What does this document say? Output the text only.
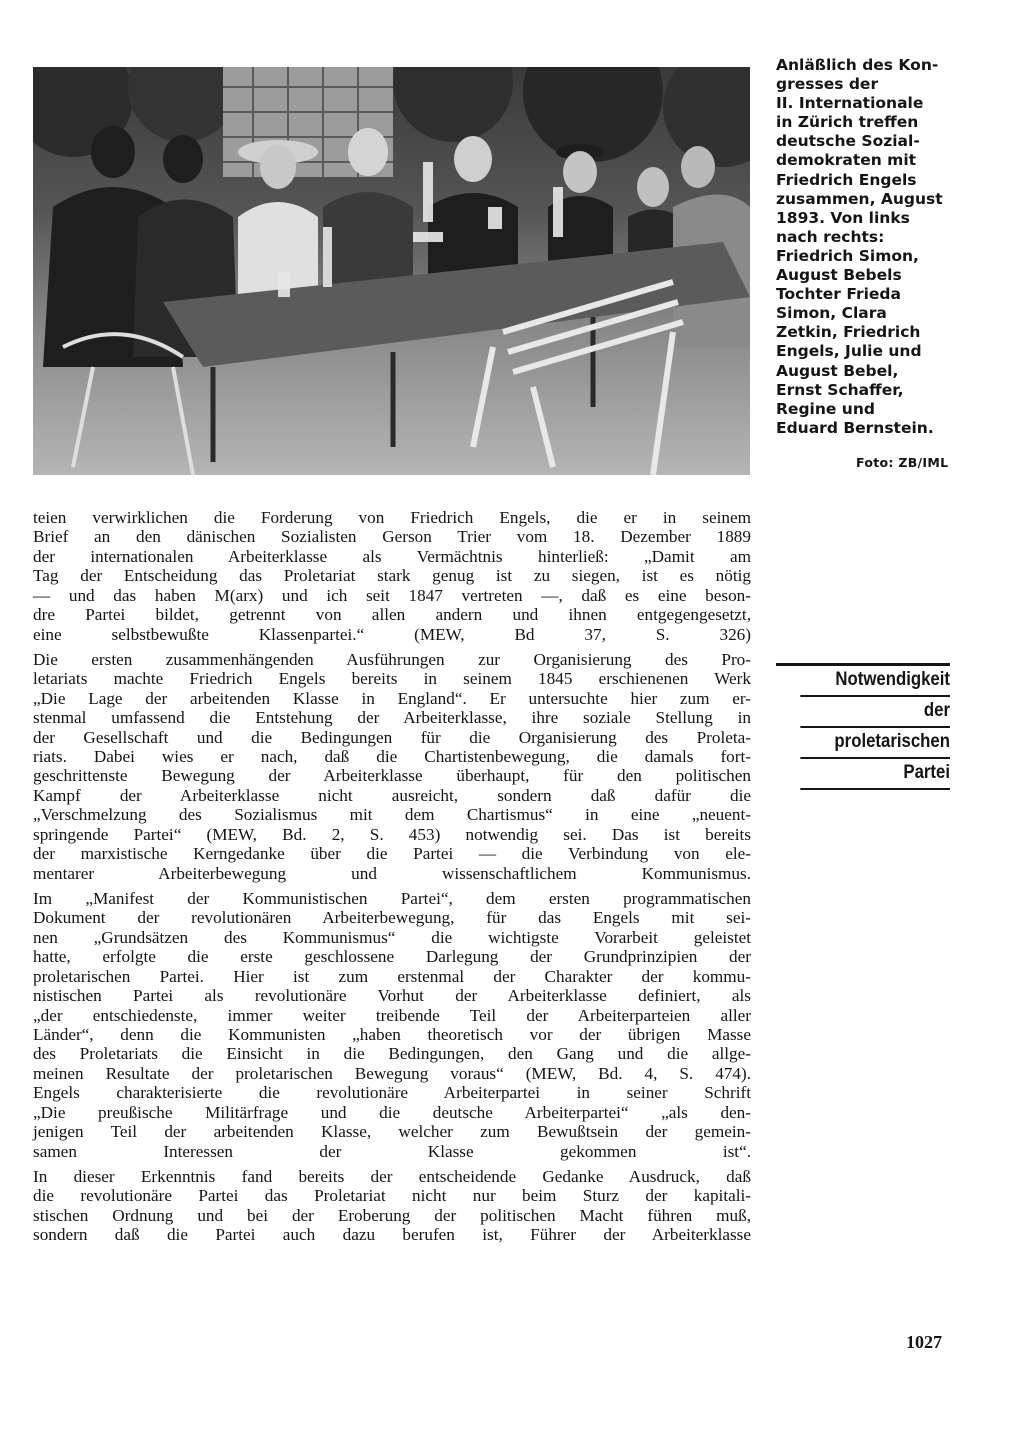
Anläßlich des Kon-
gresses der
II. Internationale
in Zürich treffen
deutsche Sozial-
demokraten mit
Friedrich Engels
zusammen, August
1893. Von links
nach rechts:
Friedrich Simon,
August Bebels
Tochter Frieda
Simon, Clara
Zetkin, Friedrich
Engels, Julie und
August Bebel,
Ernst Schaffer,
Regine und
Eduard Bernstein.

Foto: ZB/IML

Notwendigkeit
der
proletarischen
Partei

teien verwirklichen die Forderung von Friedrich Engels, die er in seinem
Brief an den dänischen Sozialisten Gerson Trier vom 18. Dezember 1889
der internationalen Arbeiterklasse als Vermächtnis hinterließ: „Damit am
Tag der Entscheidung das Proletariat stark genug ist zu siegen, ist es nötig
— und das haben M(arx) und ich seit 1847 vertreten —, daß es eine beson-
dre Partei bildet, getrennt von allen andern und ihnen entgegengesetzt,
eine selbstbewußte Klassenpartei.“ (MEW, Bd 37, S. 326)

Die ersten zusammenhängenden Ausführungen zur Organisierung des Pro-
letariats machte Friedrich Engels bereits in seinem 1845 erschienenen Werk
„Die Lage der arbeitenden Klasse in England“. Er untersuchte hier zum er-
stenmal umfassend die Entstehung der Arbeiterklasse, ihre soziale Stellung in
der Gesellschaft und die Bedingungen für die Organisierung des Proleta-
riats. Dabei wies er nach, daß die Chartistenbewegung, die damals fort-
geschrittenste Bewegung der Arbeiterklasse überhaupt, für den politischen
Kampf der Arbeiterklasse nicht ausreicht, sondern daß dafür die
„Verschmelzung des Sozialismus mit dem Chartismus“ in eine „neuent-
springende Partei“ (MEW, Bd. 2, S. 453) notwendig sei. Das ist bereits
der marxistische Kerngedanke über die Partei — die Verbindung von ele-
mentarer Arbeiterbewegung und wissenschaftlichem Kommunismus.

Im „Manifest der Kommunistischen Partei“, dem ersten programmatischen
Dokument der revolutionären Arbeiterbewegung, für das Engels mit sei-
nen „Grundsätzen des Kommunismus“ die wichtigste Vorarbeit geleistet
hatte, erfolgte die erste geschlossene Darlegung der Grundprinzipien der
proletarischen Partei. Hier ist zum erstenmal der Charakter der kommu-
nistischen Partei als revolutionäre Vorhut der Arbeiterklasse definiert, als
„der entschiedenste, immer weiter treibende Teil der Arbeiterparteien aller
Länder“, denn die Kommunisten „haben theoretisch vor der übrigen Masse
des Proletariats die Einsicht in die Bedingungen, den Gang und die allge-
meinen Resultate der proletarischen Bewegung voraus“ (MEW, Bd. 4, S. 474).
Engels charakterisierte die revolutionäre Arbeiterpartei in seiner Schrift
„Die preußische Militärfrage und die deutsche Arbeiterpartei“ „als den-
jenigen Teil der arbeitenden Klasse, welcher zum Bewußtsein der gemein-
samen Interessen der Klasse gekommen ist“.

In dieser Erkenntnis fand bereits der entscheidende Gedanke Ausdruck, daß
die revolutionäre Partei das Proletariat nicht nur beim Sturz der kapitali-
stischen Ordnung und bei der Eroberung der politischen Macht führen muß,
sondern daß die Partei auch dazu berufen ist, Führer der Arbeiterklasse

1027
